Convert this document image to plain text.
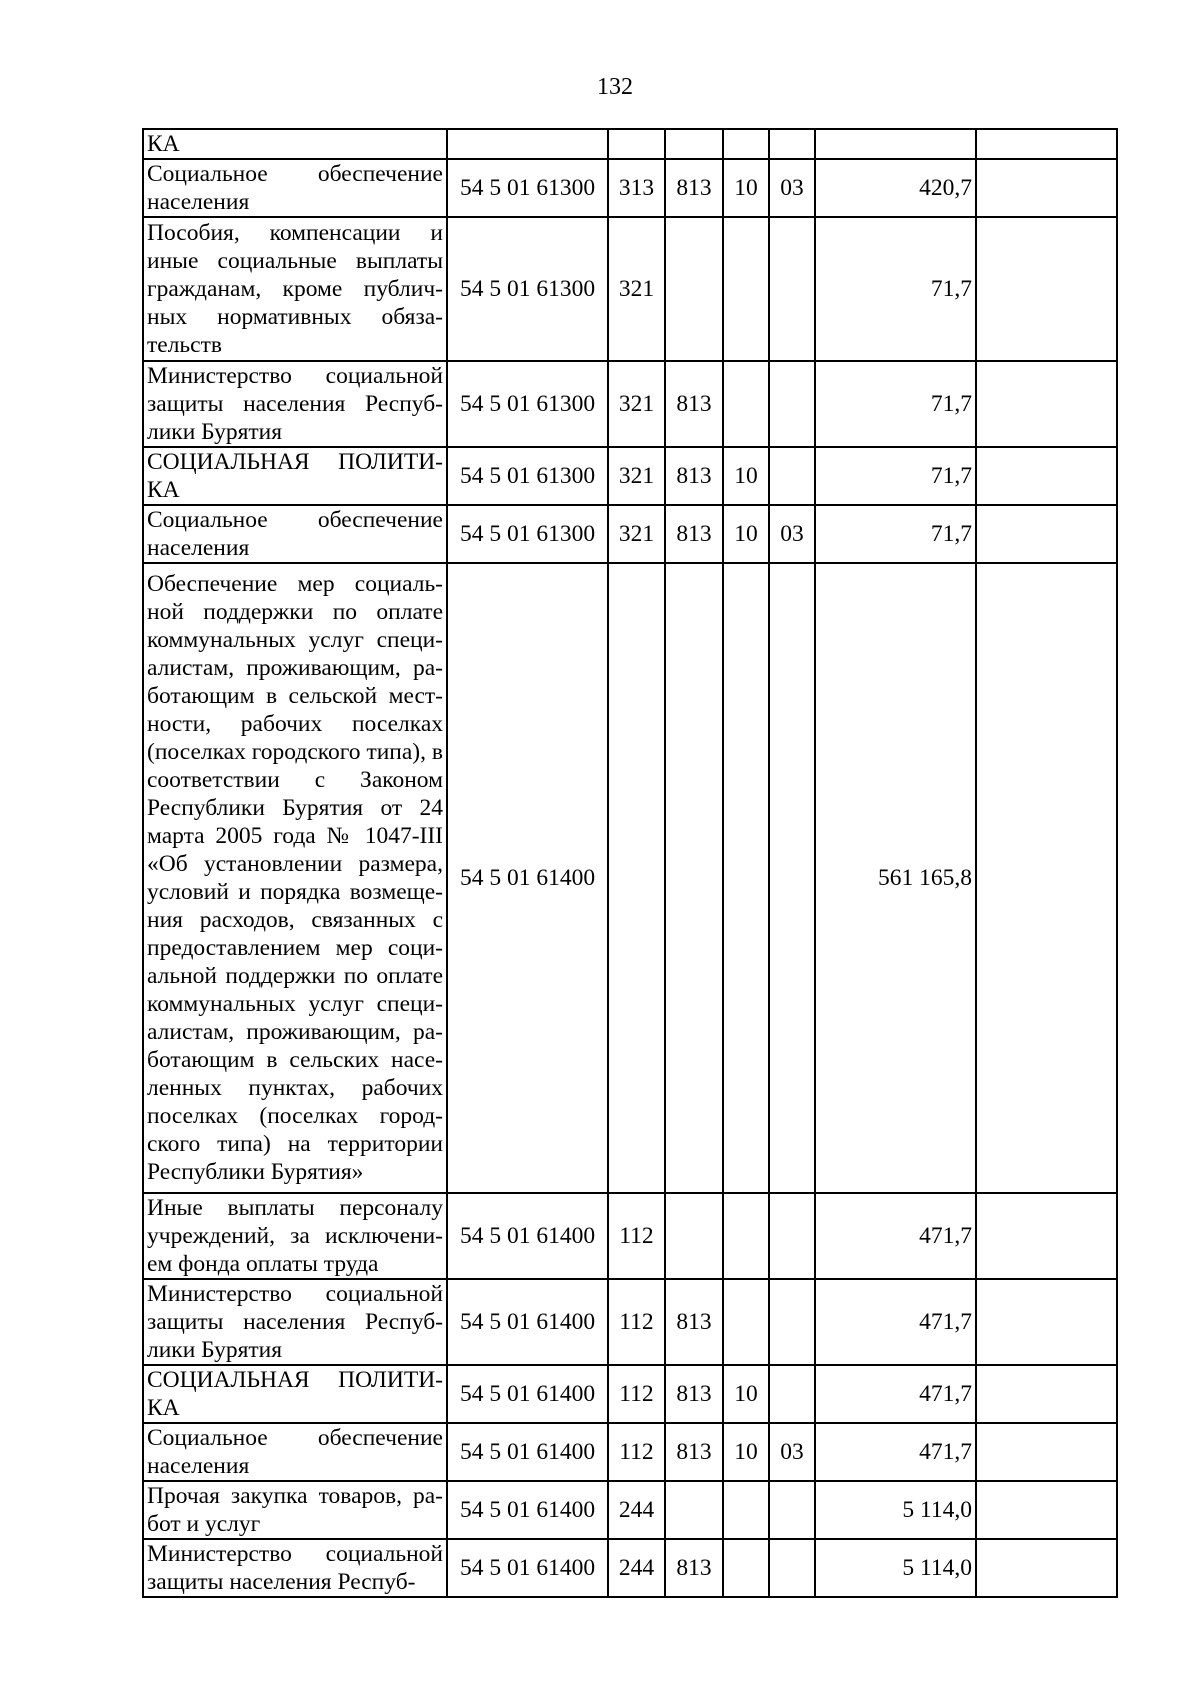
132
КА							
Социальное обеспечение населения	54 5 01 61300	313	813	10	03	420,7	
Пособия, компенсации и иные социальные выплаты гражданам, кроме публич-ных нормативных обяза-тельств	54 5 01 61300	321				71,7	
Министерство социальной защиты населения Респуб-лики Бурятия	54 5 01 61300	321	813			71,7	
СОЦИАЛЬНАЯ ПОЛИТИ-КА	54 5 01 61300	321	813	10		71,7	
Социальное обеспечение населения	54 5 01 61300	321	813	10	03	71,7	
Обеспечение мер социаль-ной поддержки по оплате коммунальных услуг специ-алистам, проживающим, ра-ботающим в сельской мест-ности, рабочих поселках (поселках городского типа), в соответствии с Законом Республики Бурятия от 24 марта 2005 года № 1047-III «Об установлении размера, условий и порядка возмеще-ния расходов, связанных с предоставлением мер соци-альной поддержки по оплате коммунальных услуг специ-алистам, проживающим, ра-ботающим в сельских насе-ленных пунктах, рабочих поселках (поселках город-ского типа) на территории Республики Бурятия»	54 5 01 61400					561 165,8	
Иные выплаты персоналу учреждений, за исключени-ем фонда оплаты труда	54 5 01 61400	112				471,7	
Министерство социальной защиты населения Респуб-лики Бурятия	54 5 01 61400	112	813			471,7	
СОЦИАЛЬНАЯ ПОЛИТИ-КА	54 5 01 61400	112	813	10		471,7	
Социальное обеспечение населения	54 5 01 61400	112	813	10	03	471,7	
Прочая закупка товаров, ра-бот и услуг	54 5 01 61400	244				5 114,0	
Министерство социальной защиты населения Респуб-	54 5 01 61400	244	813			5 114,0	
